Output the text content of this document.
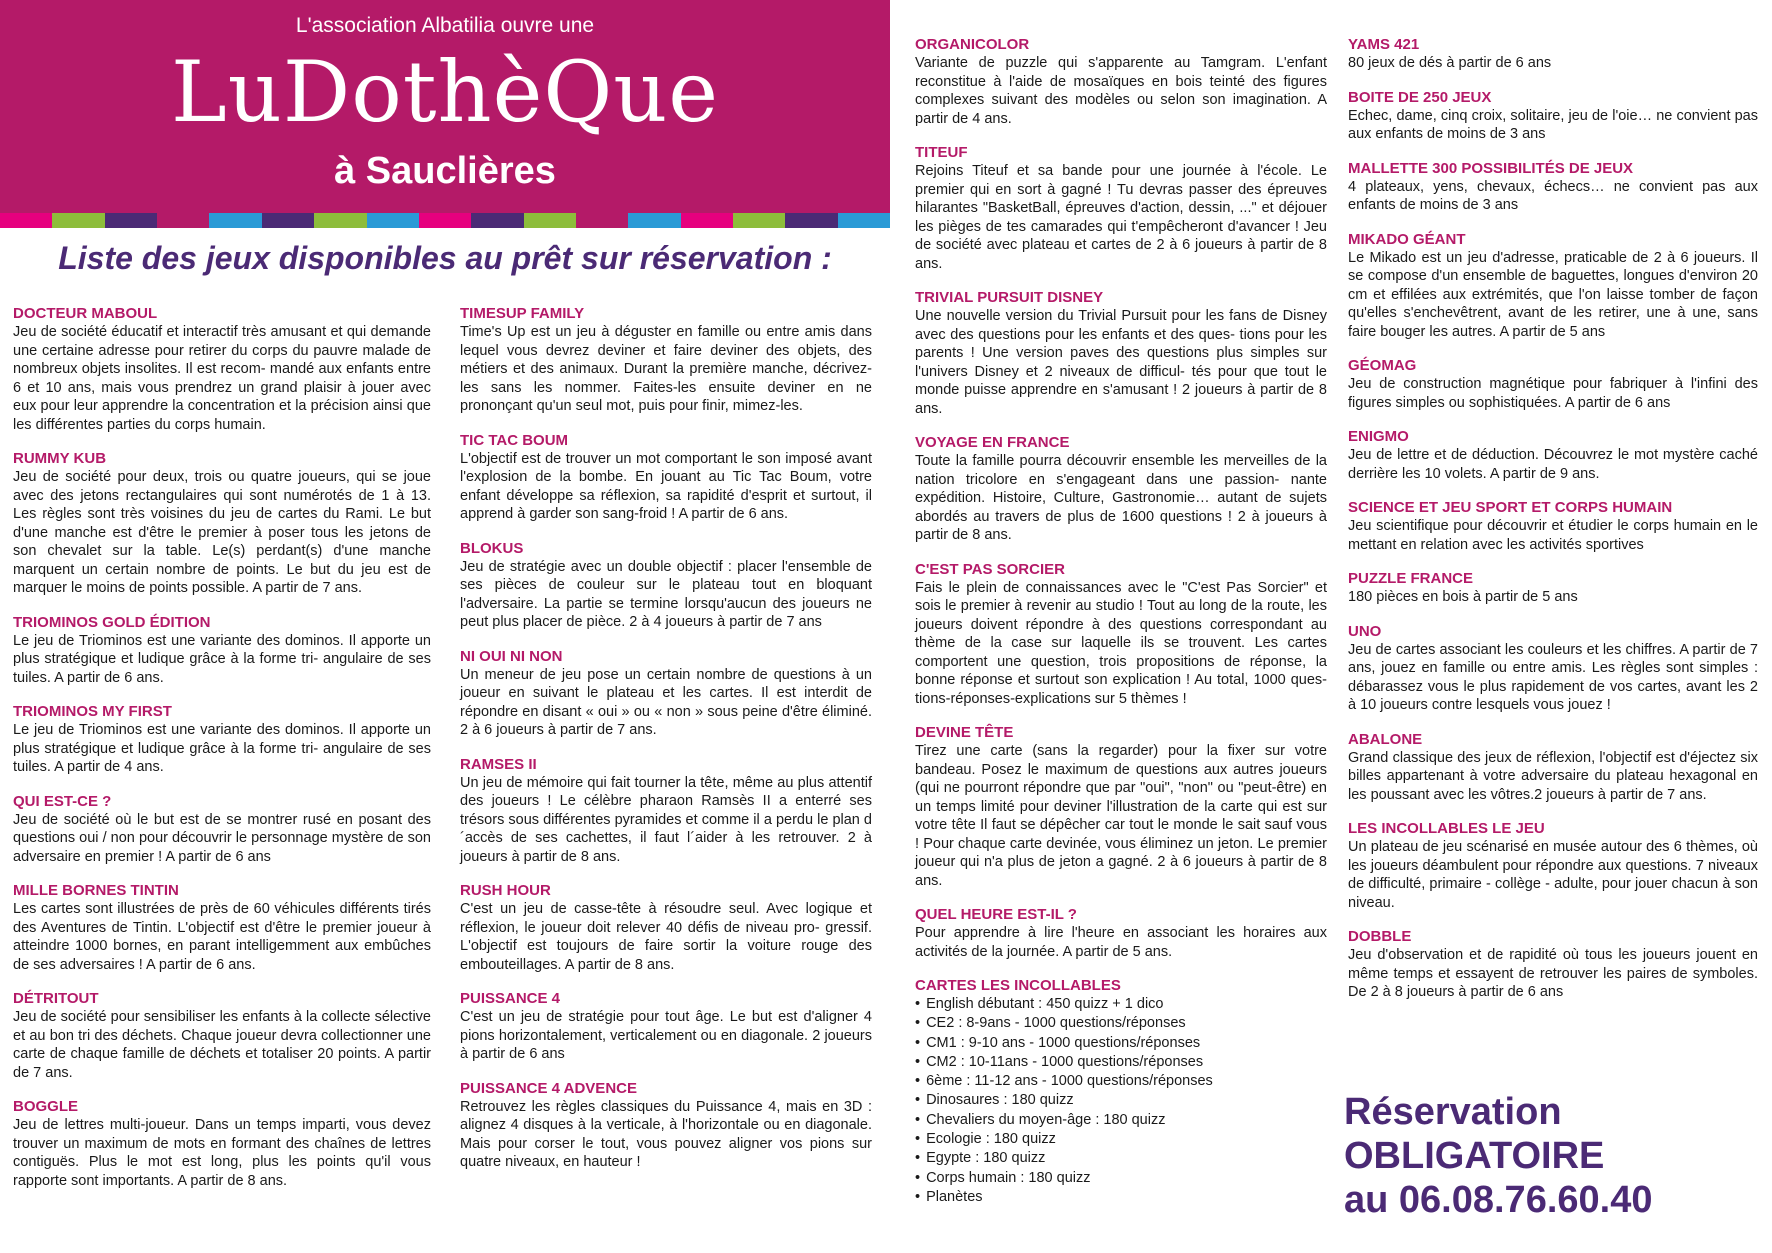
L'association Albatilia ouvre une
LuDothèQue
à Sauclières
Liste des jeux disponibles au prêt sur réservation :
DOCTEUR MABOUL

Jeu de société éducatif et interactif très amusant et qui demande une certaine adresse pour retirer du corps du pauvre malade de nombreux objets insolites. Il est recom- mandé aux enfants entre 6 et 10 ans, mais vous prendrez un grand plaisir à jouer avec eux pour leur apprendre la concentration et la précision ainsi que les différentes parties du corps humain.

RUMMY KUB

Jeu de société pour deux, trois ou quatre joueurs, qui se joue avec des jetons rectangulaires qui sont numérotés de 1 à 13. Les règles sont très voisines du jeu de cartes du Rami. Le but d'une manche est d'être le premier à poser tous les jetons de son chevalet sur la table. Le(s) perdant(s) d'une manche marquent un certain nombre de points. Le but du jeu est de marquer le moins de points possible. A partir de 7 ans.

TRIOMINOS GOLD ÉDITION

Le jeu de Triominos est une variante des dominos. Il apporte un plus stratégique et ludique grâce à la forme tri- angulaire de ses tuiles. A partir de 6 ans.

TRIOMINOS MY FIRST

Le jeu de Triominos est une variante des dominos. Il apporte un plus stratégique et ludique grâce à la forme tri- angulaire de ses tuiles. A partir de 4 ans.

QUI EST-CE ?

Jeu de société où le but est de se montrer rusé en posant des questions oui / non pour découvrir le personnage mystère de son adversaire en premier ! A partir de 6 ans

MILLE BORNES TINTIN

Les cartes sont illustrées de près de 60 véhicules différents tirés des Aventures de Tintin. L'objectif est d'être le premier joueur à atteindre 1000 bornes, en parant intelligemment aux embûches de ses adversaires ! A partir de 6 ans.

DÉTRITOUT

Jeu de société pour sensibiliser les enfants à la collecte sélective et au bon tri des déchets. Chaque joueur devra collectionner une carte de chaque famille de déchets et totaliser 20 points. A partir de 7 ans.

BOGGLE

Jeu de lettres multi-joueur. Dans un temps imparti, vous devez trouver un maximum de mots en formant des chaînes de lettres contiguës. Plus le mot est long, plus les points qu'il vous rapporte sont importants. A partir de 8 ans.

TIMESUP FAMILY

Time's Up est un jeu à déguster en famille ou entre amis dans lequel vous devrez deviner et faire deviner des objets, des métiers et des animaux. Durant la première manche, décrivez-les sans les nommer. Faites-les ensuite deviner en ne prononçant qu'un seul mot, puis pour finir, mimez-les.

TIC TAC BOUM

L'objectif est de trouver un mot comportant le son imposé avant l'explosion de la bombe. En jouant au Tic Tac Boum, votre enfant développe sa réflexion, sa rapidité d'esprit et surtout, il apprend à garder son sang-froid ! A partir de 6 ans.

BLOKUS

Jeu de stratégie avec un double objectif : placer l'ensemble de ses pièces de couleur sur le plateau tout en bloquant l'adversaire. La partie se termine lorsqu'aucun des joueurs ne peut plus placer de pièce. 2 à 4 joueurs à partir de 7 ans

NI OUI NI NON

Un meneur de jeu pose un certain nombre de questions à un joueur en suivant le plateau et les cartes. Il est interdit de répondre en disant « oui » ou « non » sous peine d'être éliminé. 2 à 6 joueurs à partir de 7 ans.

RAMSES II

Un jeu de mémoire qui fait tourner la tête, même au plus attentif des joueurs ! Le célèbre pharaon Ramsès II a enterré ses trésors sous différentes pyramides et comme il a perdu le plan d´accès de ses cachettes, il faut l´aider à les retrouver. 2 à joueurs à partir de 8 ans.

RUSH HOUR

C'est un jeu de casse-tête à résoudre seul. Avec logique et réflexion, le joueur doit relever 40 défis de niveau pro- gressif. L'objectif est toujours de faire sortir la voiture rouge des embouteillages. A partir de 8 ans.

PUISSANCE 4

C'est un jeu de stratégie pour tout âge. Le but est d'aligner 4 pions horizontalement, verticalement ou en diagonale. 2 joueurs à partir de 6 ans

PUISSANCE 4 ADVENCE

Retrouvez les règles classiques du Puissance 4, mais en 3D : alignez 4 disques à la verticale, à l'horizontale ou en diagonale. Mais pour corser le tout, vous pouvez aligner vos pions sur quatre niveaux, en hauteur !

ORGANICOLOR

Variante de puzzle qui s'apparente au Tamgram. L'enfant reconstitue à l'aide de mosaïques en bois teinté des figures complexes suivant des modèles ou selon son imagination. A partir de 4 ans.

TITEUF

Rejoins Titeuf et sa bande pour une journée à l'école. Le premier qui en sort à gagné ! Tu devras passer des épreuves hilarantes "BasketBall, épreuves d'action, dessin, ..." et déjouer les pièges de tes camarades qui t'empêcheront d'avancer ! Jeu de société avec plateau et cartes de 2 à 6 joueurs à partir de 8 ans.

TRIVIAL PURSUIT DISNEY

Une nouvelle version du Trivial Pursuit pour les fans de Disney avec des questions pour les enfants et des ques- tions pour les parents ! Une version paves des questions plus simples sur l'univers Disney et 2 niveaux de difficul- tés pour que tout le monde puisse apprendre en s'amusant ! 2 joueurs à partir de 8 ans.

VOYAGE EN FRANCE

Toute la famille pourra découvrir ensemble les merveilles de la nation tricolore en s'engageant dans une passion- nante expédition. Histoire, Culture, Gastronomie… autant de sujets abordés au travers de plus de 1600 questions ! 2 à joueurs à partir de 8 ans.

C'EST PAS SORCIER

Fais le plein de connaissances avec le "C'est Pas Sorcier" et sois le premier à revenir au studio ! Tout au long de la route, les joueurs doivent répondre à des questions correspondant au thème de la case sur laquelle ils se trouvent. Les cartes comportent une question, trois propositions de réponse, la bonne réponse et surtout son explication ! Au total, 1000 ques- tions-réponses-explications sur 5 thèmes !

DEVINE TÊTE

Tirez une carte (sans la regarder) pour la fixer sur votre bandeau. Posez le maximum de questions aux autres joueurs (qui ne pourront répondre que par "oui", "non" ou "peut-être) en un temps limité pour deviner l'illustration de la carte qui est sur votre tête Il faut se dépêcher car tout le monde le sait sauf vous ! Pour chaque carte devinée, vous éliminez un jeton. Le premier joueur qui n'a plus de jeton a gagné. 2 à 6 joueurs à partir de 8 ans.

QUEL HEURE EST-IL ?

Pour apprendre à lire l'heure en associant les horaires aux activités de la journée. A partir de 5 ans.

CARTES LES INCOLLABLES
• English débutant : 450 quizz + 1 dico
• CE2 : 8-9ans - 1000 questions/réponses
• CM1 : 9-10 ans - 1000 questions/réponses
• CM2 : 10-11ans - 1000 questions/réponses
• 6ème : 11-12 ans - 1000 questions/réponses
• Dinosaures : 180 quizz
• Chevaliers du moyen-âge : 180 quizz
• Ecologie : 180 quizz
• Egypte : 180 quizz
• Corps humain : 180 quizz
• Planètes
YAMS 421

80 jeux de dés à partir de 6 ans

BOITE DE 250 JEUX

Echec, dame, cinq croix, solitaire, jeu de l'oie… ne convient pas aux enfants de moins de 3 ans

MALLETTE 300 POSSIBILITÉS DE JEUX

4 plateaux, yens, chevaux, échecs… ne convient pas aux enfants de moins de 3 ans

MIKADO GÉANT

Le Mikado est un jeu d'adresse, praticable de 2 à 6 joueurs. Il se compose d'un ensemble de baguettes, longues d'environ 20 cm et effilées aux extrémités, que l'on laisse tomber de façon qu'elles s'enchevêtrent, avant de les retirer, une à une, sans faire bouger les autres. A partir de 5 ans

GÉOMAG

Jeu de construction magnétique pour fabriquer à l'infini des figures simples ou sophistiquées. A partir de 6 ans

ENIGMO

Jeu de lettre et de déduction. Découvrez le mot mystère caché derrière les 10 volets. A partir de 9 ans.

SCIENCE ET JEU SPORT ET CORPS HUMAIN

Jeu scientifique pour découvrir et étudier le corps humain en le mettant en relation avec les activités sportives

PUZZLE FRANCE

180 pièces en bois à partir de 5 ans

UNO

Jeu de cartes associant les couleurs et les chiffres. A partir de 7 ans, jouez en famille ou entre amis. Les règles sont simples : débarassez vous le plus rapidement de vos cartes, avant les 2 à 10 joueurs contre lesquels vous jouez !

ABALONE

Grand classique des jeux de réflexion, l'objectif est d'éjectez six billes appartenant à votre adversaire du plateau hexagonal en les poussant avec les vôtres.2 joueurs à partir de 7 ans.

LES INCOLLABLES LE JEU

Un plateau de jeu scénarisé en musée autour des 6 thèmes, où les joueurs déambulent pour répondre aux questions. 7 niveaux de difficulté, primaire - collège - adulte, pour jouer chacun à son niveau.

DOBBLE

Jeu d'observation et de rapidité où tous les joueurs jouent en même temps et essayent de retrouver les paires de symboles. De 2 à 8 joueurs à partir de 6 ans

Réservation
OBLIGATOIRE
au 06.08.76.60.40
